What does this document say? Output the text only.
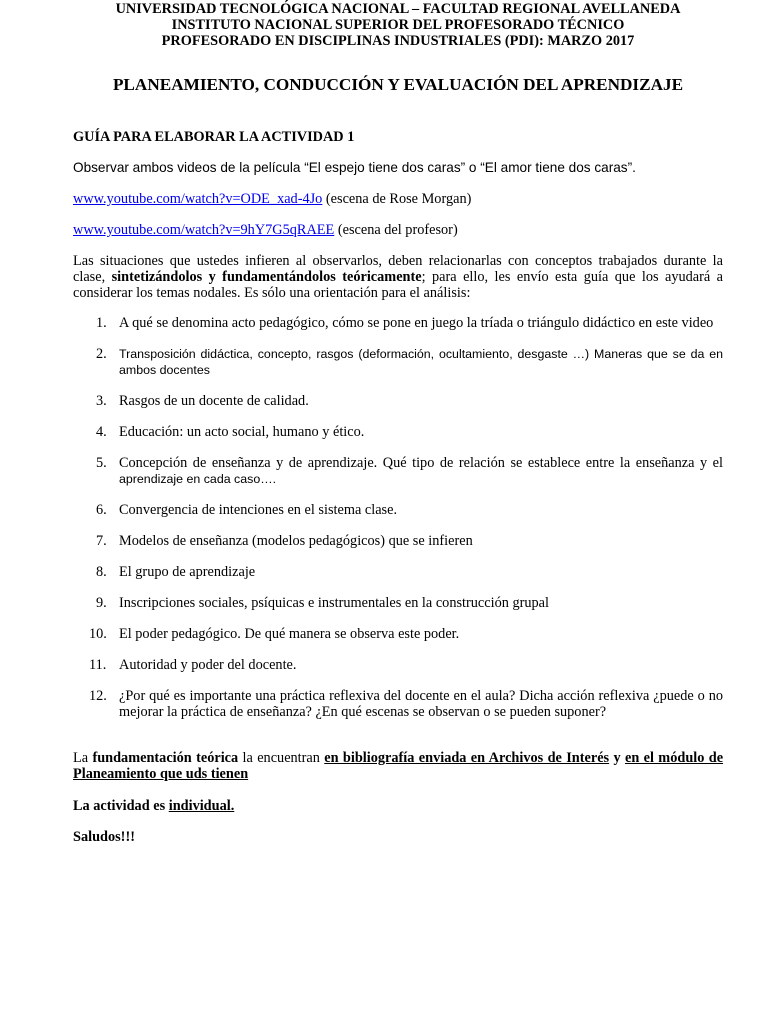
UNIVERSIDAD TECNOLÓGICA NACIONAL – FACULTAD REGIONAL AVELLANEDA
INSTITUTO NACIONAL SUPERIOR DEL PROFESORADO TÉCNICO
PROFESORADO EN DISCIPLINAS INDUSTRIALES (PDI): MARZO 2017
PLANEAMIENTO, CONDUCCIÓN Y EVALUACIÓN DEL APRENDIZAJE
GUÍA PARA ELABORAR LA ACTIVIDAD 1

Observar ambos videos de la película “El espejo tiene dos caras” o “El amor tiene dos caras”.

www.youtube.com/watch?v=ODE_xad-4Jo (escena de Rose Morgan)

www.youtube.com/watch?v=9hY7G5qRAEE (escena del profesor)

Las situaciones que ustedes infieren al observarlos, deben relacionarlas con conceptos trabajados durante la clase, sintetizándolos y fundamentándolos teóricamente; para ello, les envío esta guía que los ayudará a considerar los temas nodales. Es sólo una orientación para el análisis:

1. A qué se denomina acto pedagógico, cómo se pone en juego la tríada o triángulo didáctico en este video
2. Transposición didáctica, concepto, rasgos (deformación, ocultamiento, desgaste …) Maneras que se da en ambos docentes
3. Rasgos de un docente de calidad.
4. Educación: un acto social, humano y ético.
5. Concepción de enseñanza y de aprendizaje. Qué tipo de relación se establece entre la enseñanza y el aprendizaje en cada caso….
6. Convergencia de intenciones en el sistema clase.
7. Modelos de enseñanza (modelos pedagógicos) que se infieren
8. El grupo de aprendizaje
9. Inscripciones sociales, psíquicas e instrumentales en la construcción grupal
10. El poder pedagógico. De qué manera se observa este poder.
11. Autoridad y poder del docente.
12. ¿Por qué es importante una práctica reflexiva del docente en el aula? Dicha acción reflexiva ¿puede o no mejorar la práctica de enseñanza? ¿En qué escenas se observan o se pueden suponer?

La fundamentación teórica la encuentran en bibliografía enviada en Archivos de Interés y en el módulo de Planeamiento que uds tienen

La actividad es individual.

Saludos!!!
